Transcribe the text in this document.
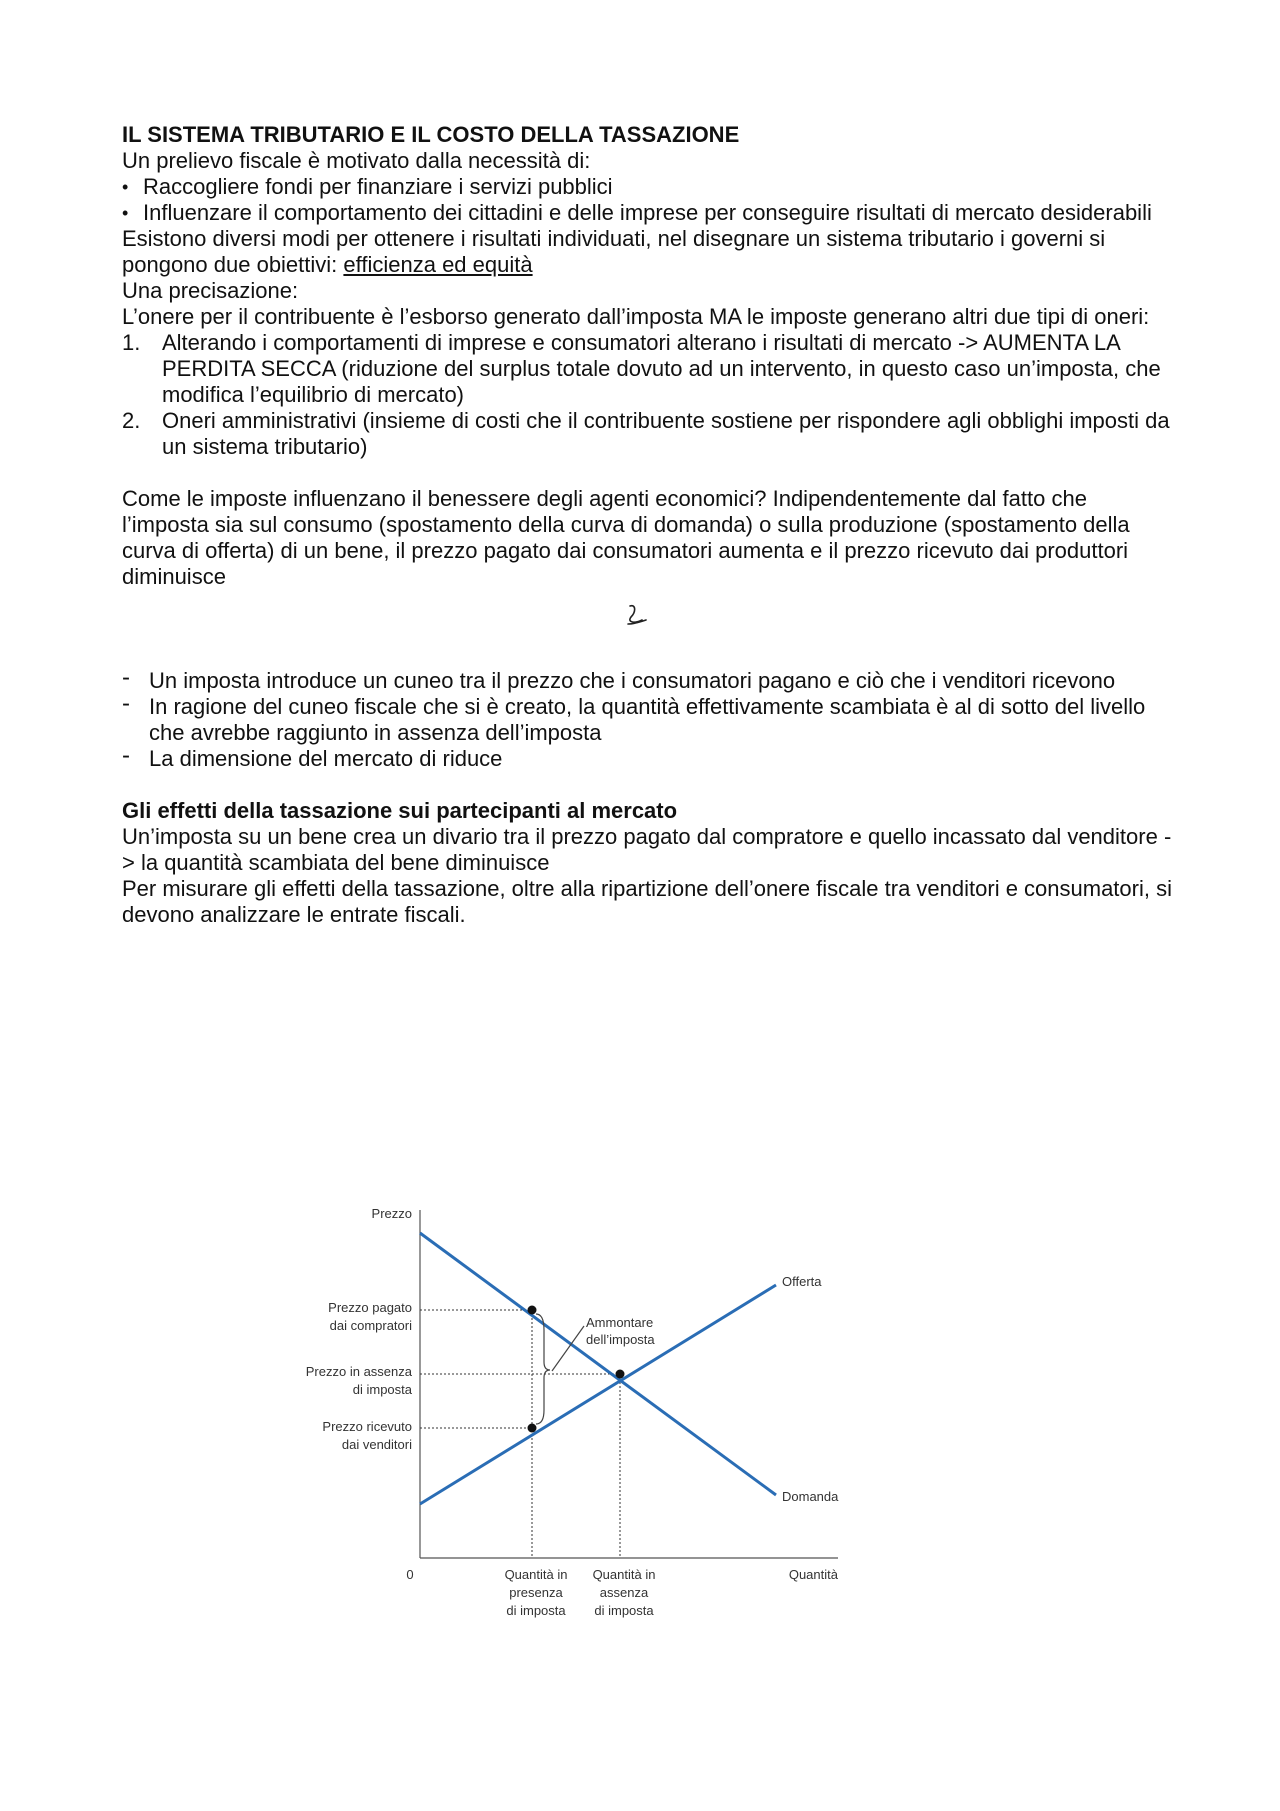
IL SISTEMA TRIBUTARIO E IL COSTO DELLA TASSAZIONE

Un prelievo fiscale è motivato dalla necessità di:

• Raccogliere fondi per finanziare i servizi pubblici
• Influenzare il comportamento dei cittadini e delle imprese per conseguire risultati di mercato desiderabili

Esistono diversi modi per ottenere i risultati individuati, nel disegnare un sistema tributario i governi si pongono due obiettivi: efficienza ed equità

Una precisazione:

L’onere per il contribuente è l’esborso generato dall’imposta MA le imposte generano altri due tipi di oneri:

1. Alterando i comportamenti di imprese e consumatori alterano i risultati di mercato -> AUMENTA LA PERDITA SECCA (riduzione del surplus totale dovuto ad un intervento, in questo caso un’imposta, che modifica l’equilibrio di mercato)
2. Oneri amministrativi (insieme di costi che il contribuente sostiene per rispondere agli obblighi imposti da un sistema tributario)

Come le imposte influenzano il benessere degli agenti economici? Indipendentemente dal fatto che l’imposta sia sul consumo (spostamento della curva di domanda) o sulla produzione (spostamento della curva di offerta) di un bene, il prezzo pagato dai consumatori aumenta e il prezzo ricevuto dai produttori diminuisce

- Un imposta introduce un cuneo tra il prezzo che i consumatori pagano e ciò che i venditori ricevono
- In ragione del cuneo fiscale che si è creato, la quantità effettivamente scambiata è al di sotto del livello che avrebbe raggiunto in assenza dell’imposta
- La dimensione del mercato di riduce

Gli effetti della tassazione sui partecipanti al mercato

Un’imposta su un bene crea un divario tra il prezzo pagato dal compratore e quello incassato dal venditore -> la quantità scambiata del bene diminuisce

Per misurare gli effetti della tassazione, oltre alla ripartizione dell’onere fiscale tra venditori e consumatori, si devono analizzare le entrate fiscali.

Prezzo
Quantità
0
Ammontare
dell’imposta
Offerta
Domanda
Prezzo pagato
dai compratori
Prezzo in assenza
di imposta
Prezzo ricevuto
dai venditori
Quantità in
presenza
di imposta
Quantità in
assenza
di imposta
